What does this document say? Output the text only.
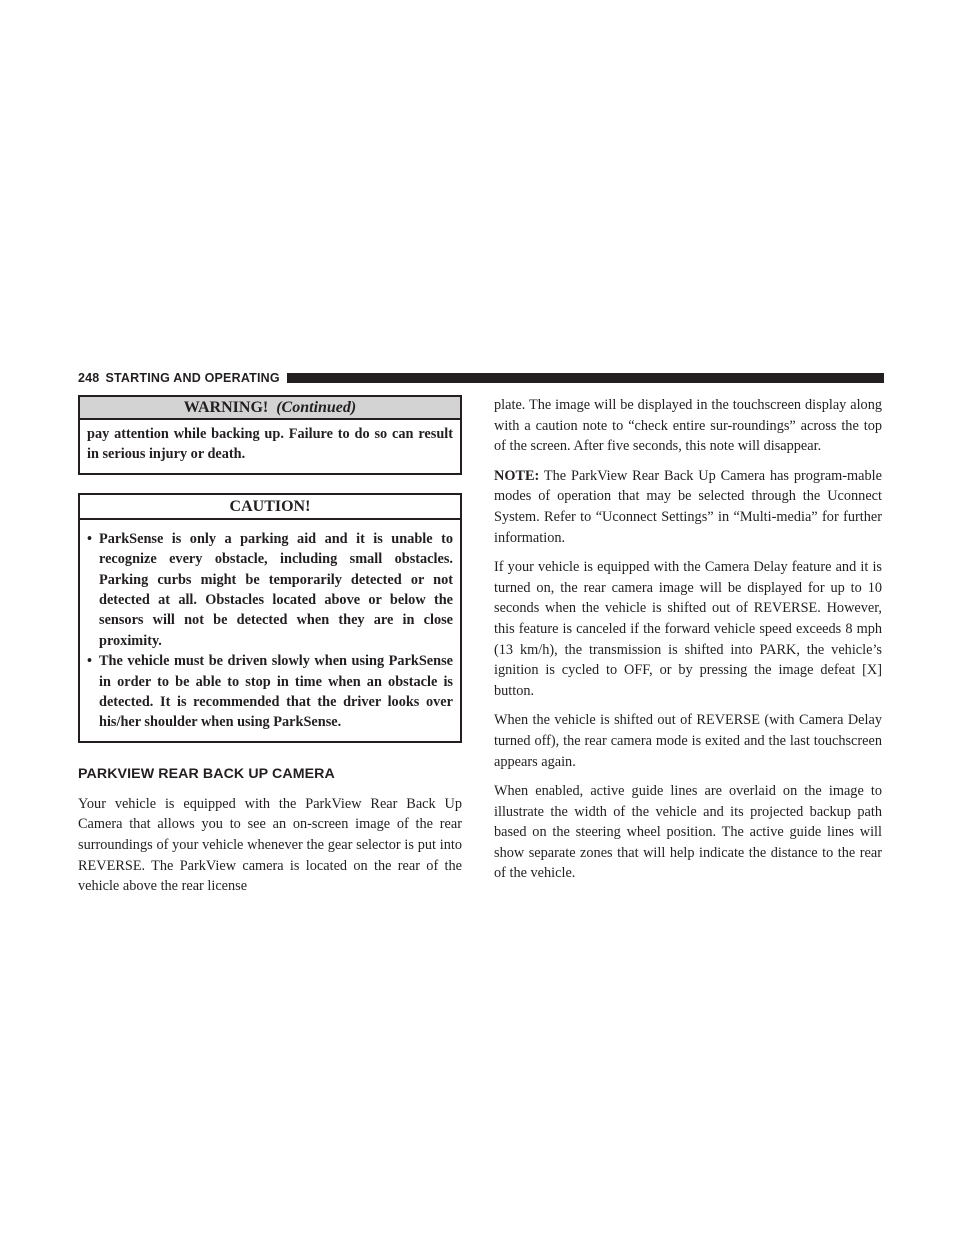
248 STARTING AND OPERATING
WARNING! (Continued)
pay attention while backing up. Failure to do so can result in serious injury or death.
CAUTION!
• ParkSense is only a parking aid and it is unable to recognize every obstacle, including small obstacles. Parking curbs might be temporarily detected or not detected at all. Obstacles located above or below the sensors will not be detected when they are in close proximity.
• The vehicle must be driven slowly when using ParkSense in order to be able to stop in time when an obstacle is detected. It is recommended that the driver looks over his/her shoulder when using ParkSense.
PARKVIEW REAR BACK UP CAMERA

Your vehicle is equipped with the ParkView Rear Back Up Camera that allows you to see an on-screen image of the rear surroundings of your vehicle whenever the gear selector is put into REVERSE. The ParkView camera is located on the rear of the vehicle above the rear license

plate. The image will be displayed in the touchscreen display along with a caution note to “check entire sur-roundings” across the top of the screen. After five seconds, this note will disappear.

NOTE: The ParkView Rear Back Up Camera has program-mable modes of operation that may be selected through the Uconnect System. Refer to “Uconnect Settings” in “Multi-media” for further information.

If your vehicle is equipped with the Camera Delay feature and it is turned on, the rear camera image will be displayed for up to 10 seconds when the vehicle is shifted out of REVERSE. However, this feature is canceled if the forward vehicle speed exceeds 8 mph (13 km/h), the transmission is shifted into PARK, the vehicle’s ignition is cycled to OFF, or by pressing the image defeat [X] button.

When the vehicle is shifted out of REVERSE (with Camera Delay turned off), the rear camera mode is exited and the last touchscreen appears again.

When enabled, active guide lines are overlaid on the image to illustrate the width of the vehicle and its projected backup path based on the steering wheel position. The active guide lines will show separate zones that will help indicate the distance to the rear of the vehicle.
